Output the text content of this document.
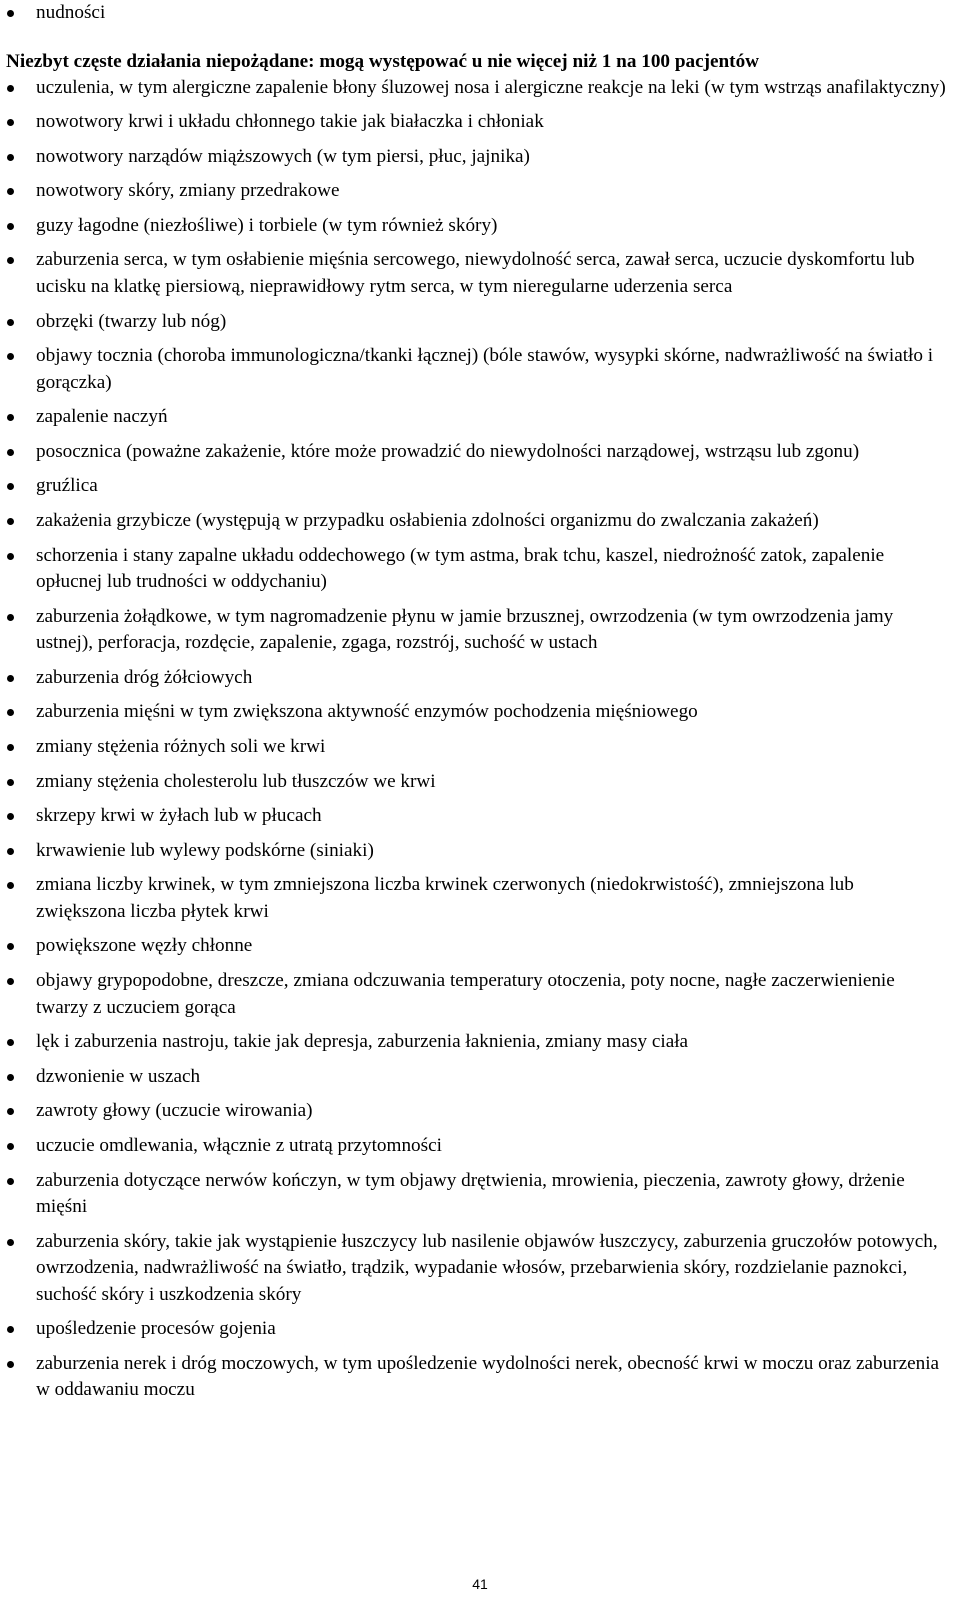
nudności
Niezbyt częste działania niepożądane: mogą występować u nie więcej niż 1 na 100 pacjentów
uczulenia, w tym alergiczne zapalenie błony śluzowej nosa i alergiczne reakcje na leki (w tym wstrząs anafilaktyczny)
nowotwory krwi i układu chłonnego takie jak białaczka i chłoniak
nowotwory narządów miąższowych (w tym piersi, płuc, jajnika)
nowotwory skóry, zmiany przedrakowe
guzy łagodne (niezłośliwe) i torbiele (w tym również skóry)
zaburzenia serca, w tym osłabienie mięśnia sercowego, niewydolność serca, zawał serca, uczucie dyskomfortu lub ucisku na klatkę piersiową, nieprawidłowy rytm serca, w tym nieregularne uderzenia serca
obrzęki (twarzy lub nóg)
objawy tocznia (choroba immunologiczna/tkanki łącznej) (bóle stawów, wysypki skórne, nadwrażliwość na światło i gorączka)
zapalenie naczyń
posocznica (poważne zakażenie, które może prowadzić do niewydolności narządowej, wstrząsu lub zgonu)
gruźlica
zakażenia grzybicze (występują w przypadku osłabienia zdolności organizmu do zwalczania zakażeń)
schorzenia i stany zapalne układu oddechowego (w tym astma, brak tchu, kaszel, niedrożność zatok, zapalenie opłucnej lub trudności w oddychaniu)
zaburzenia żołądkowe, w tym nagromadzenie płynu w jamie brzusznej, owrzodzenia (w tym owrzodzenia jamy ustnej), perforacja, rozdęcie, zapalenie, zgaga, rozstrój, suchość w ustach
zaburzenia dróg żółciowych
zaburzenia mięśni w tym zwiększona aktywność enzymów pochodzenia mięśniowego
zmiany stężenia różnych soli we krwi
zmiany stężenia cholesterolu lub tłuszczów we krwi
skrzepy krwi w żyłach lub w płucach
krwawienie lub wylewy podskórne (siniaki)
zmiana liczby krwinek, w tym zmniejszona liczba krwinek czerwonych (niedokrwistość), zmniejszona lub zwiększona liczba płytek krwi
powiększone węzły chłonne
objawy grypopodobne, dreszcze, zmiana odczuwania temperatury otoczenia, poty nocne, nagłe zaczerwienienie twarzy z uczuciem gorąca
lęk i zaburzenia nastroju, takie jak depresja, zaburzenia łaknienia, zmiany masy ciała
dzwonienie w uszach
zawroty głowy (uczucie wirowania)
uczucie omdlewania, włącznie z utratą przytomności
zaburzenia dotyczące nerwów kończyn, w tym objawy drętwienia, mrowienia, pieczenia, zawroty głowy, drżenie mięśni
zaburzenia skóry, takie jak wystąpienie łuszczycy lub nasilenie objawów łuszczycy, zaburzenia gruczołów potowych, owrzodzenia, nadwrażliwość na światło, trądzik, wypadanie włosów, przebarwienia skóry, rozdzielanie paznokci, suchość skóry i uszkodzenia skóry
upośledzenie procesów gojenia
zaburzenia nerek i dróg moczowych, w tym upośledzenie wydolności nerek, obecność krwi w moczu oraz zaburzenia w oddawaniu moczu
41
